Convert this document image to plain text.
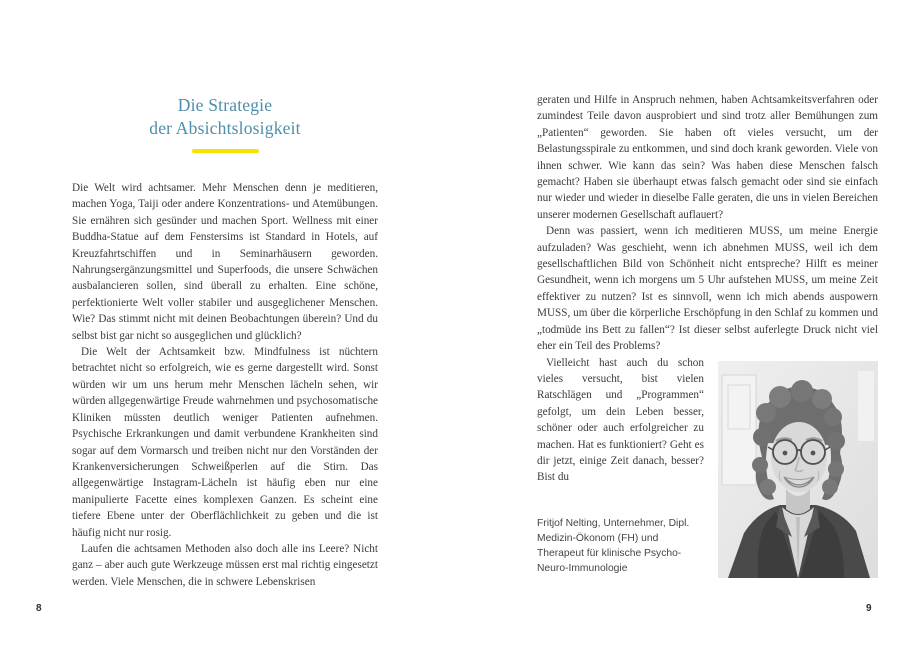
Die Strategie
der Absichtslosigkeit

Die Welt wird achtsamer. Mehr Menschen denn je meditieren, machen Yoga, Taiji oder andere Konzentrations- und Atemübungen. Sie ernähren sich gesünder und machen Sport. Wellness mit einer Buddha-Statue auf dem Fenstersims ist Standard in Hotels, auf Kreuzfahrtschiffen und in Seminarhäusern geworden. Nahrungsergänzungsmittel und Superfoods, die unsere Schwächen ausbalancieren sollen, sind überall zu erhalten. Eine schöne, perfektionierte Welt voller stabiler und ausgeglichener Menschen. Wie? Das stimmt nicht mit deinen Beobachtungen überein? Und du selbst bist gar nicht so ausgeglichen und glücklich?

Die Welt der Achtsamkeit bzw. Mindfulness ist nüchtern betrachtet nicht so erfolgreich, wie es gerne dargestellt wird. Sonst würden wir um uns herum mehr Menschen lächeln sehen, wir würden allgegenwärtige Freude wahrnehmen und psychosomatische Kliniken müssten deutlich weniger Patienten aufnehmen. Psychische Erkrankungen und damit verbundene Krankheiten sind sogar auf dem Vormarsch und treiben nicht nur den Vorständen der Krankenversicherungen Schweißperlen auf die Stirn. Das allgegenwärtige Instagram-Lächeln ist häufig eben nur eine manipulierte Facette eines komplexen Ganzen. Es scheint eine tiefere Ebene unter der Oberflächlichkeit zu geben und die ist häufig nicht nur rosig.

Laufen die achtsamen Methoden also doch alle ins Leere? Nicht ganz – aber auch gute Werkzeuge müssen erst mal richtig eingesetzt werden. Viele Menschen, die in schwere Lebenskrisen

geraten und Hilfe in Anspruch nehmen, haben Achtsamkeitsverfahren oder zumindest Teile davon ausprobiert und sind trotz aller Bemühungen zum „Patienten“ geworden. Sie haben oft vieles versucht, um der Belastungsspirale zu entkommen, und sind doch krank geworden. Viele von ihnen schwer. Wie kann das sein? Was haben diese Menschen falsch gemacht? Haben sie überhaupt etwas falsch gemacht oder sind sie einfach nur wieder und wieder in dieselbe Falle geraten, die uns in vielen Bereichen unserer modernen Gesellschaft auflauert?

Denn was passiert, wenn ich meditieren MUSS, um meine Energie aufzuladen? Was geschieht, wenn ich abnehmen MUSS, weil ich dem gesellschaftlichen Bild von Schönheit nicht entspreche? Hilft es meiner Gesundheit, wenn ich morgens um 5 Uhr aufstehen MUSS, um meine Zeit effektiver zu nutzen? Ist es sinnvoll, wenn ich mich abends auspowern MUSS, um über die körperliche Erschöpfung in den Schlaf zu kommen und „todmüde ins Bett zu fallen“? Ist dieser selbst auferlegte Druck nicht viel eher ein Teil des Problems?

Vielleicht hast auch du schon vieles versucht, bist vielen Ratschlägen und „Programmen“ gefolgt, um dein Leben besser, schöner oder auch erfolgreicher zu machen. Hat es funktioniert? Geht es dir jetzt, einige Zeit danach, besser? Bist du

Fritjof Nelting, Unternehmer, Dipl. Medizin-Ökonom (FH) und Therapeut für klinische Psycho-Neuro-Immunologie
8	9
